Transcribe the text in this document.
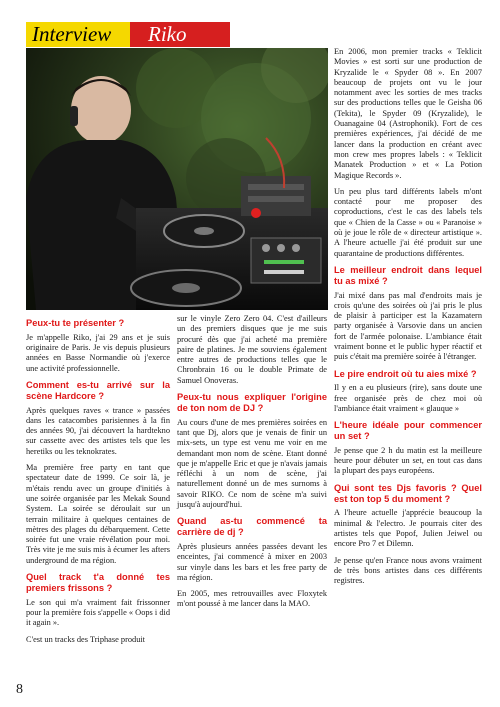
Interview	Riko
Peux-tu te présenter ?

Je m'appelle Riko, j'ai 29 ans et je suis originaire de Paris. Je vis depuis plusieurs années en Basse Normandie où j'exerce une activité professionnelle.

Comment es-tu arrivé sur la scène Hardcore ?

Après quelques raves « trance » passées dans les catacombes parisiennes à la fin des années 90, j'ai découvert la hardtekno sur cassette avec des artistes tels que les heretiks ou les teknokrates.

Ma première free party en tant que spectateur date de 1999. Ce soir là, je m'étais rendu avec un groupe d'initiés à une soirée organisée par les Mekak Sound System. La soirée se déroulait sur un terrain militaire à quelques centaines de mètres des plages du débarquement. Cette soirée fut une vraie révélation pour moi. Très vite je me suis mis à écumer les afters underground de ma région.

Quel track t'a donné tes premiers frissons ?

Le son qui m'a vraiment fait frissonner pour la première fois s'appelle « Oops i did it again ».

C'est un tracks des Triphase produit

sur le vinyle Zero Zero 04. C'est d'ailleurs un des premiers disques que je me suis procuré dès que j'ai acheté ma première paire de platines. Je me souviens également entre autres de productions telles que le Chronbrain 16 ou le double Primate de Samuel Onoveras.

Peux-tu nous expliquer l'origine de ton nom de DJ ?

Au cours d'une de mes premières soirées en tant que Dj, alors que je venais de finir un mix-sets, un type est venu me voir en me demandant mon nom de scène. Etant donné que je m'appelle Eric et que je n'avais jamais réfléchi à un nom de scène, j'ai naturellement donné un de mes surnoms à savoir RIKO. Ce nom de scène m'a suivi jusqu'à aujourd'hui.

Quand as-tu commencé ta carrière de dj ?

Après plusieurs années passées devant les enceintes, j'ai commencé à mixer en 2003 sur vinyle dans les bars et les free party de ma région.

En 2005, mes retrouvailles avec Floxytek m'ont poussé à me lancer dans la MAO.

En 2006, mon premier tracks « Teklicit Movies » est sorti sur une production de Kryzalide le « Spyder 08 ». En 2007 beaucoup de projets ont vu le jour notamment avec les sorties de mes tracks sur des productions telles que le Geisha 06 (Tekita), le Spyder 09 (Kryzalide), le Ouanagaine 04 (Astrophonik). Fort de ces premières expériences, j'ai décidé de me lancer dans la production en créant avec mon crew mes propres labels : « Teklicit Manatek Production » et « La Potion Magique Records ».

Un peu plus tard différents labels m'ont contacté pour me proposer des coproductions, c'est le cas des labels tels que « Chien de la Casse » ou « Paranoise » où je joue le rôle de « directeur artistique ». A l'heure actuelle j'ai été produit sur une quarantaine de productions différentes.

Le meilleur endroit dans lequel tu as mixé ?

J'ai mixé dans pas mal d'endroits mais je crois qu'une des soirées où j'ai pris le plus de plaisir à participer est la Kazamatern party organisée à Varsovie dans un ancien fort de l'armée polonaise. L'ambiance était vraiment bonne et le public hyper réactif et puis c'était ma première soirée à l'étranger.

Le pire endroit où tu aies mixé ?

Il y en a eu plusieurs (rire), sans doute une free organisée près de chez moi où l'ambiance était vraiment « glauque »

L'heure idéale pour commencer un set ?

Je pense que 2 h du matin est la meilleure heure pour débuter un set, en tout cas dans la plupart des pays européens.

Qui sont tes Djs favoris ? Quel est ton top 5 du moment ?

A l'heure actuelle j'apprécie beaucoup la minimal & l'electro. Je pourrais citer des artistes tels que Popof, Julien Jeiwel ou encore Pro 7 et Dilemn.

Je pense qu'en France nous avons vraiment de très bons artistes dans ces différents registres.

8
